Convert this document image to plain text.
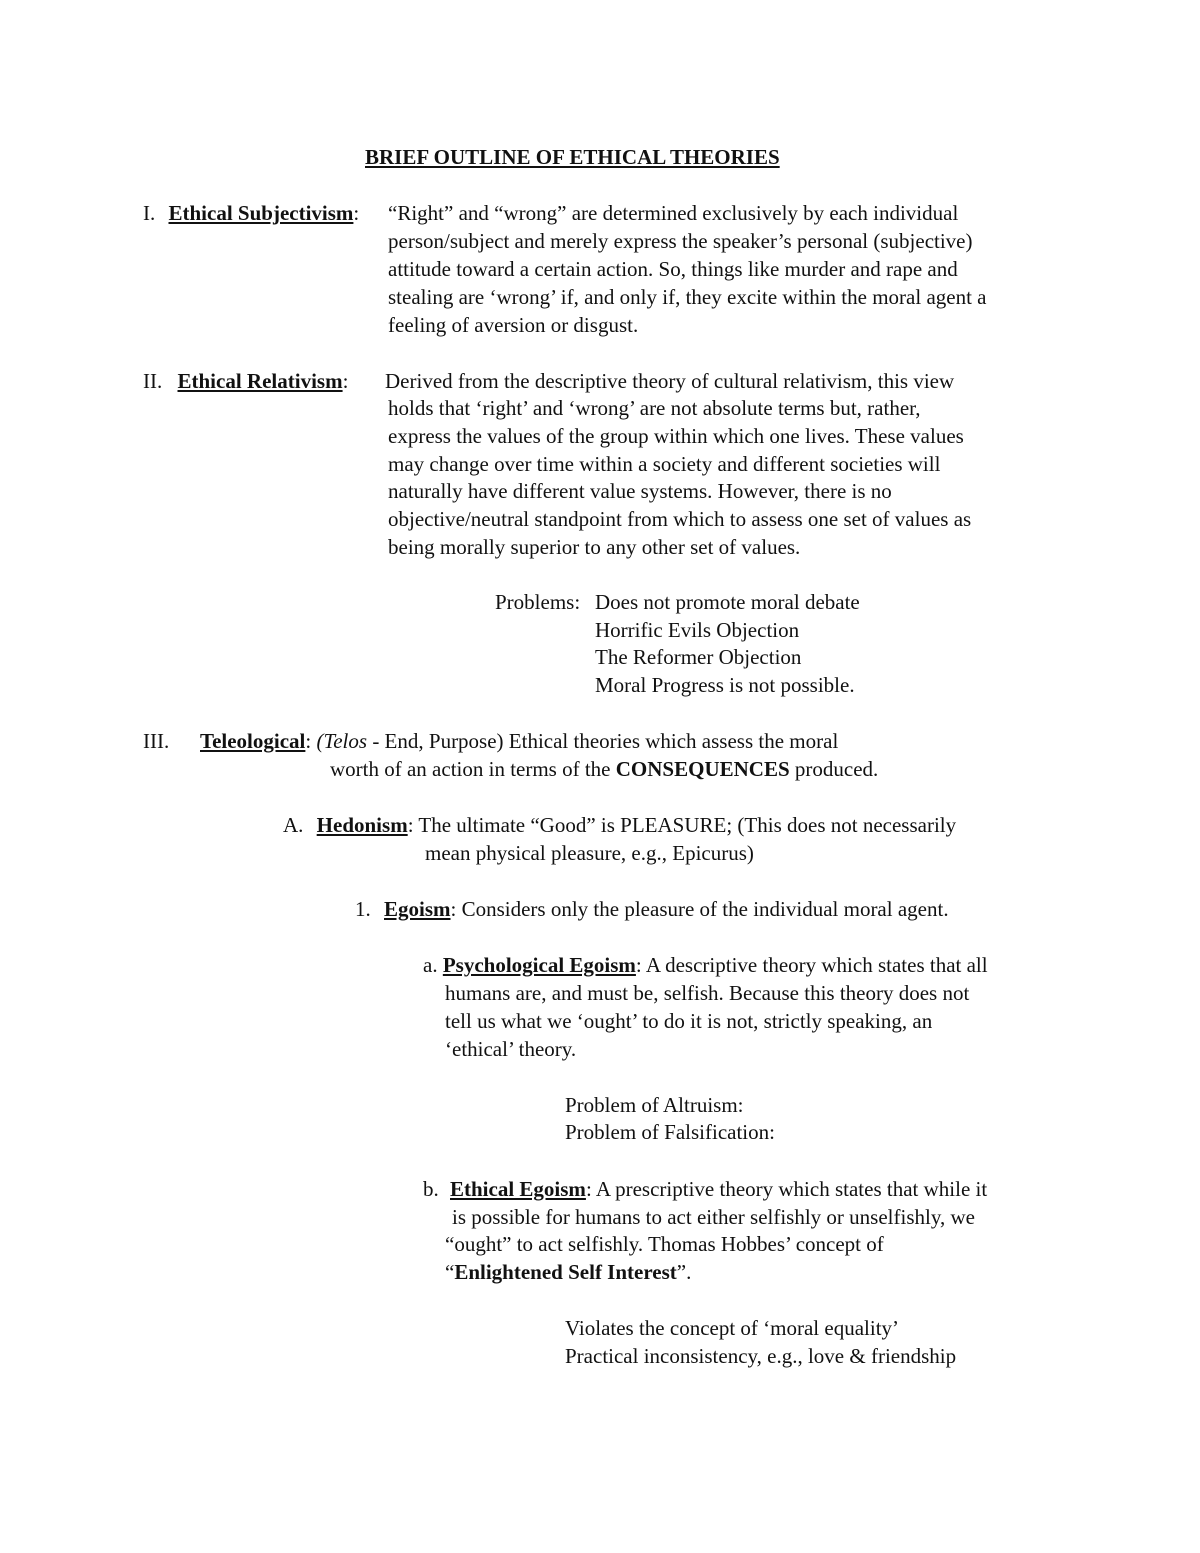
BRIEF OUTLINE OF ETHICAL THEORIES
I. Ethical Subjectivism: “Right” and “wrong” are determined exclusively by each individual
person/subject and merely express the speaker’s personal (subjective)
attitude toward a certain action. So, things like murder and rape and
stealing are ‘wrong’ if, and only if, they excite within the moral agent a
feeling of aversion or disgust.
II. Ethical Relativism: Derived from the descriptive theory of cultural relativism, this view
holds that ‘right’ and ‘wrong’ are not absolute terms but, rather,
express the values of the group within which one lives. These values
may change over time within a society and different societies will
naturally have different value systems. However, there is no
objective/neutral standpoint from which to assess one set of values as
being morally superior to any other set of values.
Problems: Does not promote moral debate
Horrific Evils Objection
The Reformer Objection
Moral Progress is not possible.
III. Teleological: (Telos - End, Purpose) Ethical theories which assess the moral
worth of an action in terms of the CONSEQUENCES produced.
A. Hedonism: The ultimate “Good” is PLEASURE; (This does not necessarily
mean physical pleasure, e.g., Epicurus)
1. Egoism: Considers only the pleasure of the individual moral agent.
a. Psychological Egoism: A descriptive theory which states that all
humans are, and must be, selfish. Because this theory does not
tell us what we ‘ought’ to do it is not, strictly speaking, an
‘ethical’ theory.
Problem of Altruism:
Problem of Falsification:
b. Ethical Egoism: A prescriptive theory which states that while it
is possible for humans to act either selfishly or unselfishly, we
“ought” to act selfishly. Thomas Hobbes’ concept of
“Enlightened Self Interest”.
Violates the concept of ‘moral equality’
Practical inconsistency, e.g., love & friendship
